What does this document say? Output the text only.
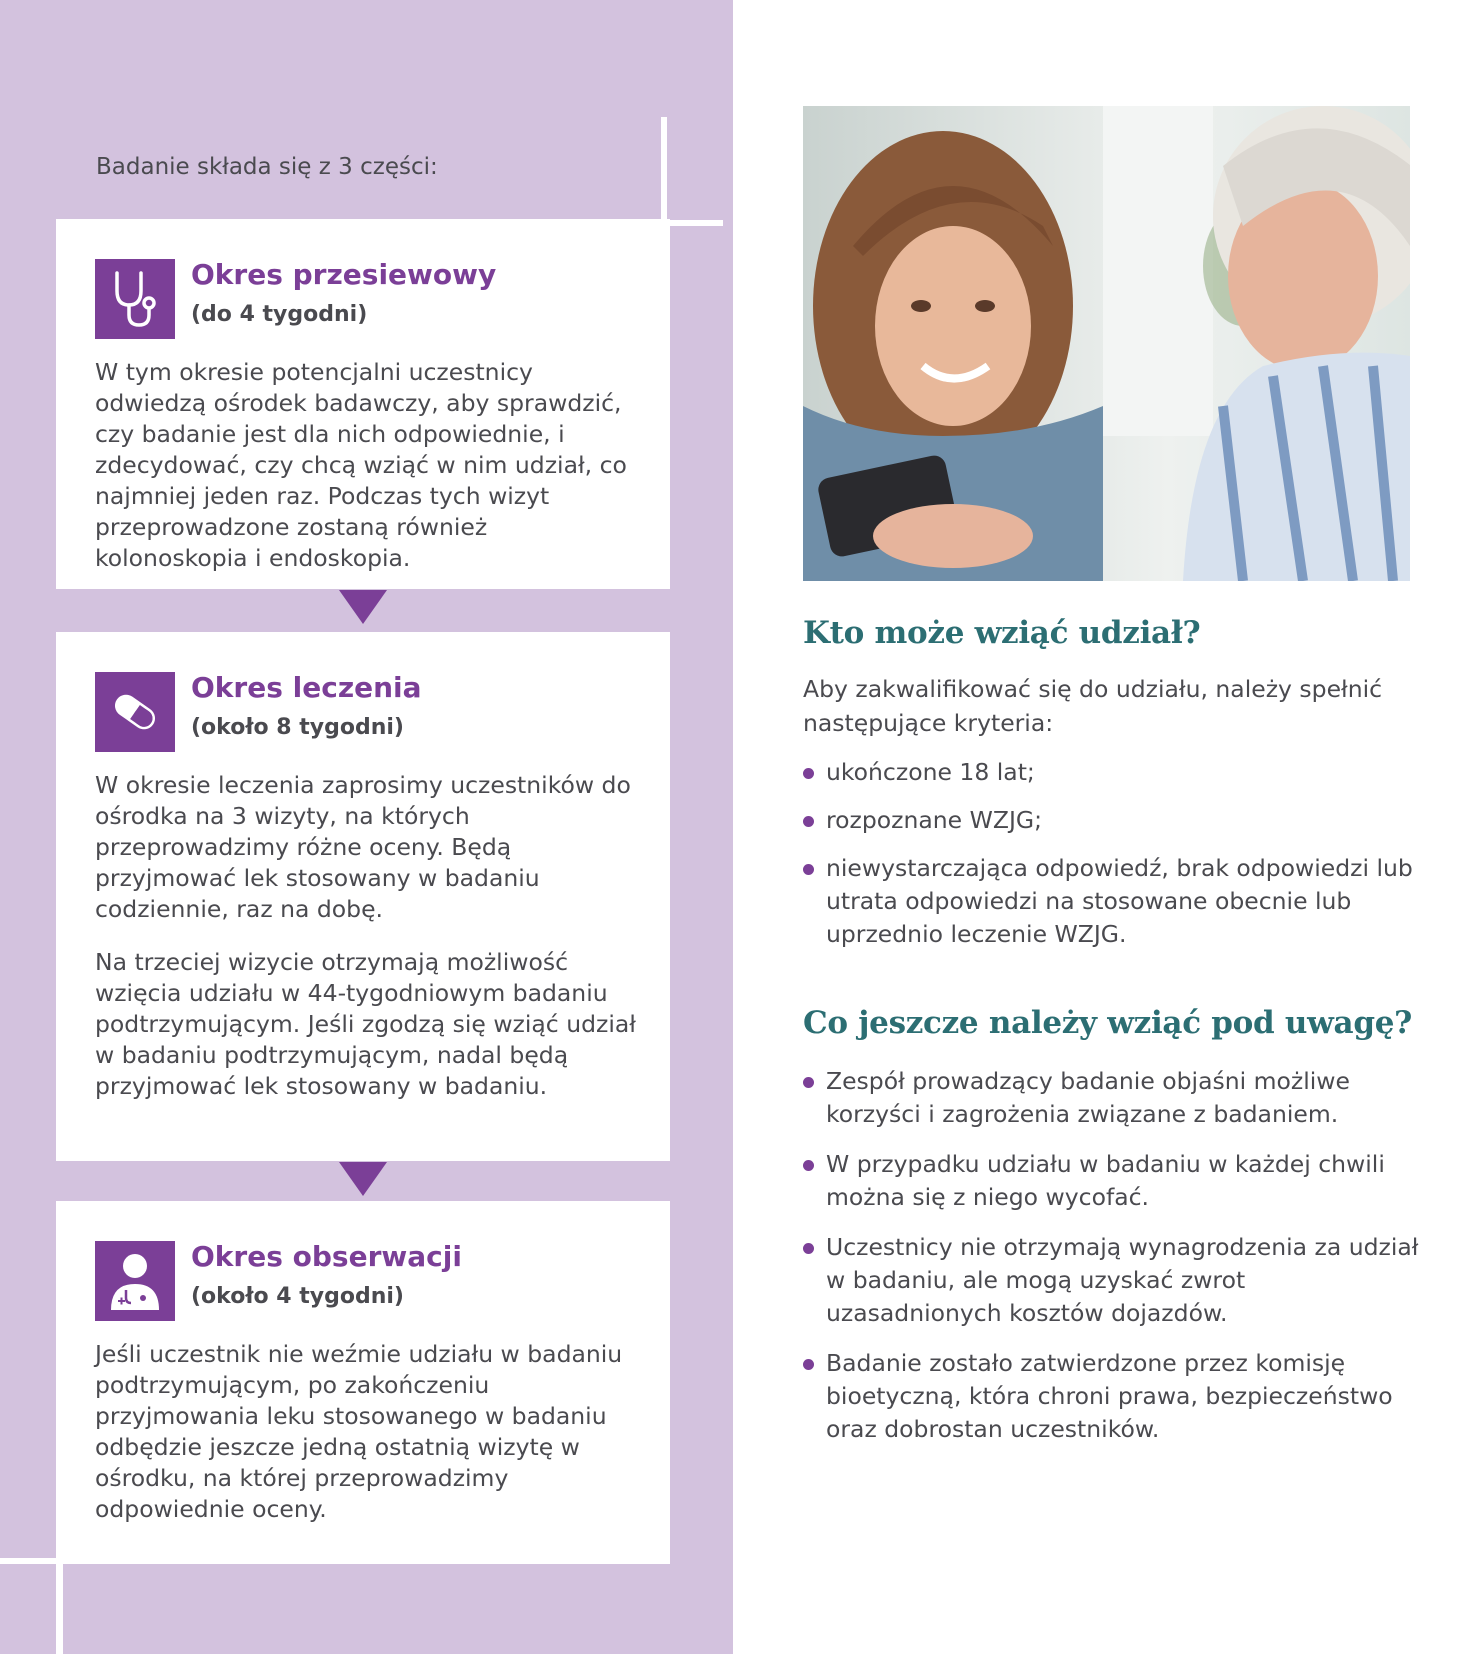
Badanie składa się z 3 części:
Okres przesiewowy
(do 4 tygodni)

W tym okresie potencjalni uczestnicy odwiedzą ośrodek badawczy, aby sprawdzić, czy badanie jest dla nich odpowiednie, i zdecydować, czy chcą wziąć w nim udział, co najmniej jeden raz. Podczas tych wizyt przeprowadzone zostaną również kolonoskopia i endoskopia.

Okres leczenia
(około 8 tygodni)

W okresie leczenia zaprosimy uczestników do ośrodka na 3 wizyty, na których przeprowadzimy różne oceny. Będą przyjmować lek stosowany w badaniu codziennie, raz na dobę.

Na trzeciej wizycie otrzymają możliwość wzięcia udziału w 44-tygodniowym badaniu podtrzymującym. Jeśli zgodzą się wziąć udział w badaniu podtrzymującym, nadal będą przyjmować lek stosowany w badaniu.

Okres obserwacji
(około 4 tygodni)

Jeśli uczestnik nie weźmie udziału w badaniu podtrzymującym, po zakończeniu przyjmowania leku stosowanego w badaniu odbędzie jeszcze jedną ostatnią wizytę w ośrodku, na której przeprowadzimy odpowiednie oceny.

Kto może wziąć udział?

Aby zakwalifikować się do udziału, należy spełnić następujące kryteria:

ukończone 18 lat;
rozpoznane WZJG;
niewystarczająca odpowiedź, brak odpowiedzi lub utrata odpowiedzi na stosowane obecnie lub uprzednio leczenie WZJG.
Co jeszcze należy wziąć pod uwagę?
Zespół prowadzący badanie objaśni możliwe korzyści i zagrożenia związane z badaniem.
W przypadku udziału w badaniu w każdej chwili można się z niego wycofać.
Uczestnicy nie otrzymają wynagrodzenia za udział w badaniu, ale mogą uzyskać zwrot uzasadnionych kosztów dojazdów.
Badanie zostało zatwierdzone przez komisję bioetyczną, która chroni prawa, bezpieczeństwo oraz dobrostan uczestników.
